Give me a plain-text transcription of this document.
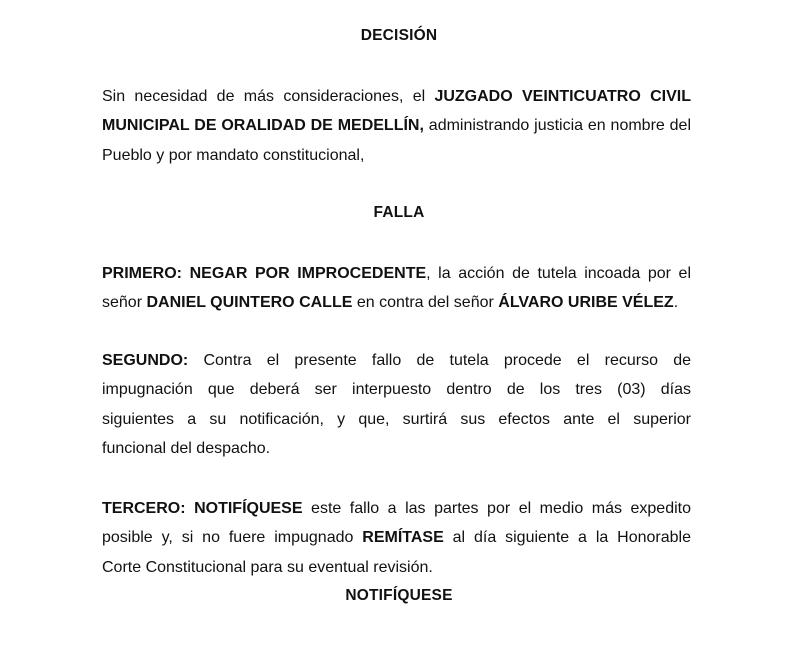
DECISIÓN
Sin necesidad de más consideraciones, el JUZGADO VEINTICUATRO CIVIL
MUNICIPAL DE ORALIDAD DE MEDELLÍN, administrando justicia en nombre del
Pueblo y por mandato constitucional,
FALLA
PRIMERO: NEGAR POR IMPROCEDENTE, la acción de tutela incoada por el
señor DANIEL QUINTERO CALLE en contra del señor ÁLVARO URIBE VÉLEZ.
SEGUNDO: Contra el presente fallo de tutela procede el recurso de
impugnación que deberá ser interpuesto dentro de los tres (03) días
siguientes a su notificación, y que, surtirá sus efectos ante el superior
funcional del despacho.
TERCERO: NOTIFÍQUESE este fallo a las partes por el medio más expedito
posible y, si no fuere impugnado REMÍTASE al día siguiente a la Honorable
Corte Constitucional para su eventual revisión.
NOTIFÍQUESE
